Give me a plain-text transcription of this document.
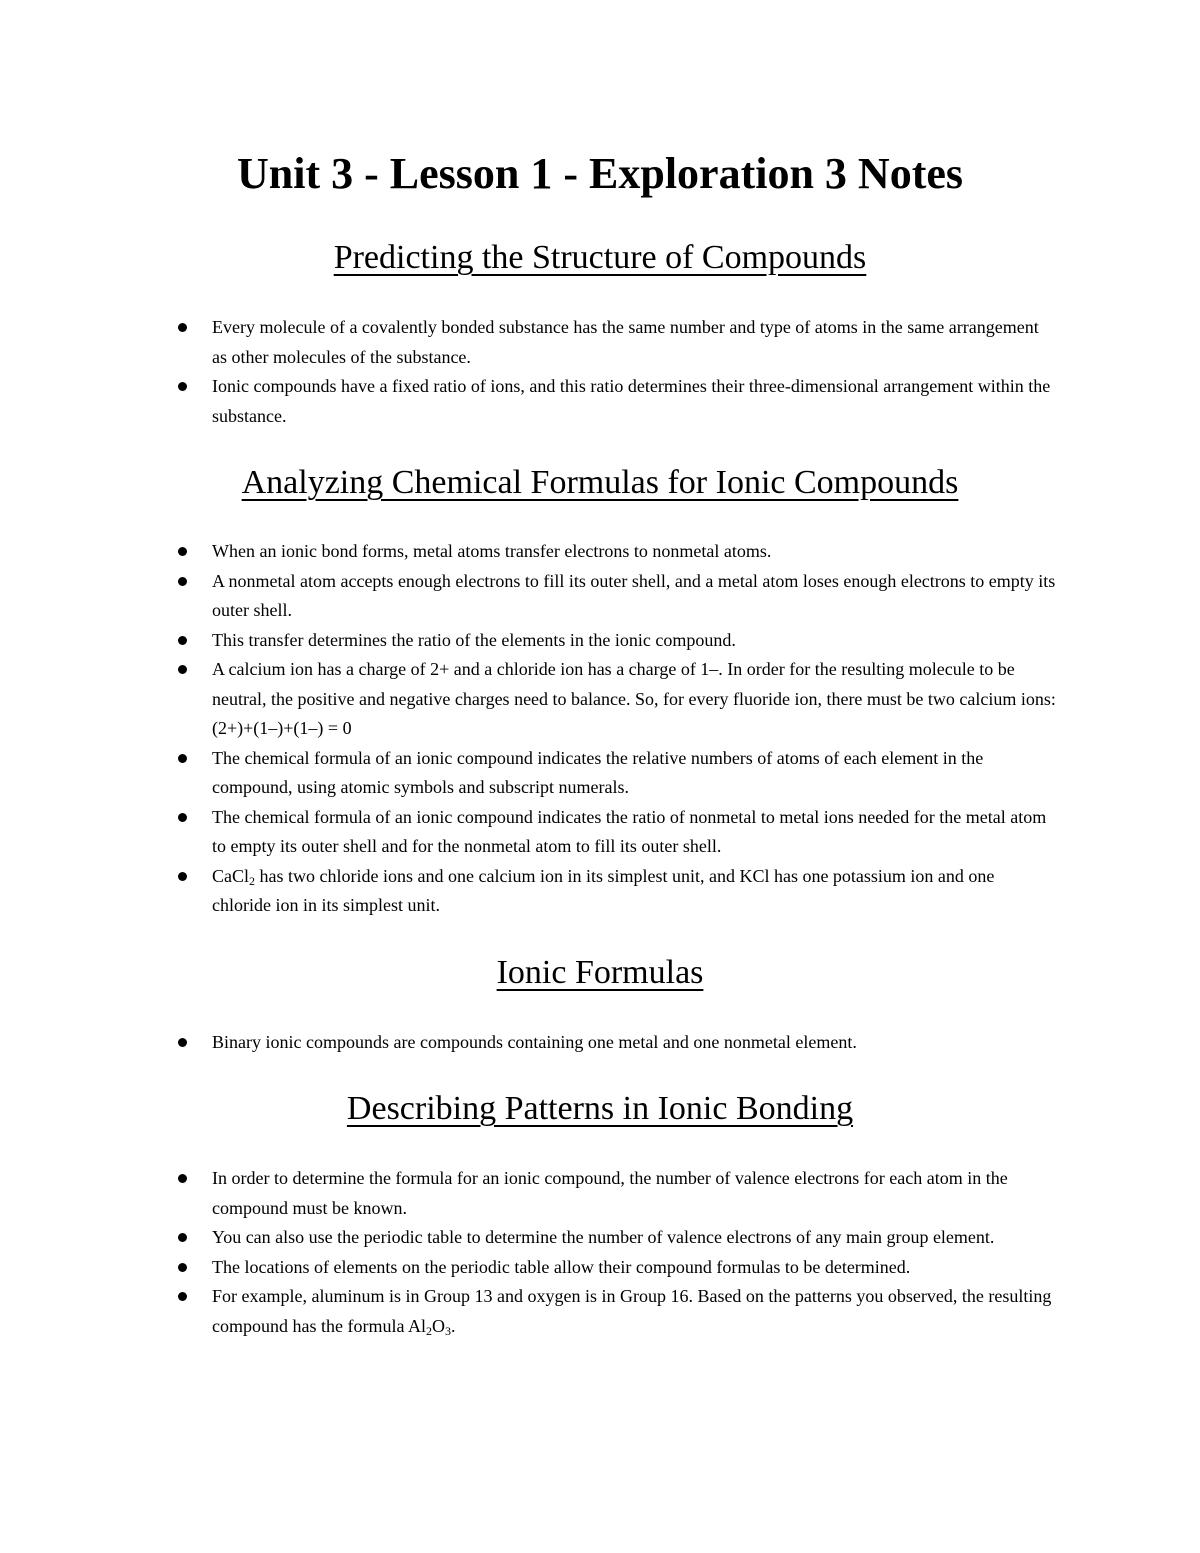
Unit 3 - Lesson 1 - Exploration 3 Notes
Predicting the Structure of Compounds
Every molecule of a covalently bonded substance has the same number and type of atoms in the same arrangement as other molecules of the substance.
Ionic compounds have a fixed ratio of ions, and this ratio determines their three-dimensional arrangement within the substance.
Analyzing Chemical Formulas for Ionic Compounds
When an ionic bond forms, metal atoms transfer electrons to nonmetal atoms.
A nonmetal atom accepts enough electrons to fill its outer shell, and a metal atom loses enough electrons to empty its outer shell.
This transfer determines the ratio of the elements in the ionic compound.
A calcium ion has a charge of 2+ and a chloride ion has a charge of 1–. In order for the resulting molecule to be neutral, the positive and negative charges need to balance. So, for every fluoride ion, there must be two calcium ions: (2+)+(1–)+(1–) = 0
The chemical formula of an ionic compound indicates the relative numbers of atoms of each element in the compound, using atomic symbols and subscript numerals.
The chemical formula of an ionic compound indicates the ratio of nonmetal to metal ions needed for the metal atom to empty its outer shell and for the nonmetal atom to fill its outer shell.
CaCl$_2$ has two chloride ions and one calcium ion in its simplest unit, and KCl has one potassium ion and one chloride ion in its simplest unit.
Ionic Formulas
Binary ionic compounds are compounds containing one metal and one nonmetal element.
Describing Patterns in Ionic Bonding
In order to determine the formula for an ionic compound, the number of valence electrons for each atom in the compound must be known.
You can also use the periodic table to determine the number of valence electrons of any main group element.
The locations of elements on the periodic table allow their compound formulas to be determined.
For example, aluminum is in Group 13 and oxygen is in Group 16. Based on the patterns you observed, the resulting compound has the formula $Al_2O_3$.
